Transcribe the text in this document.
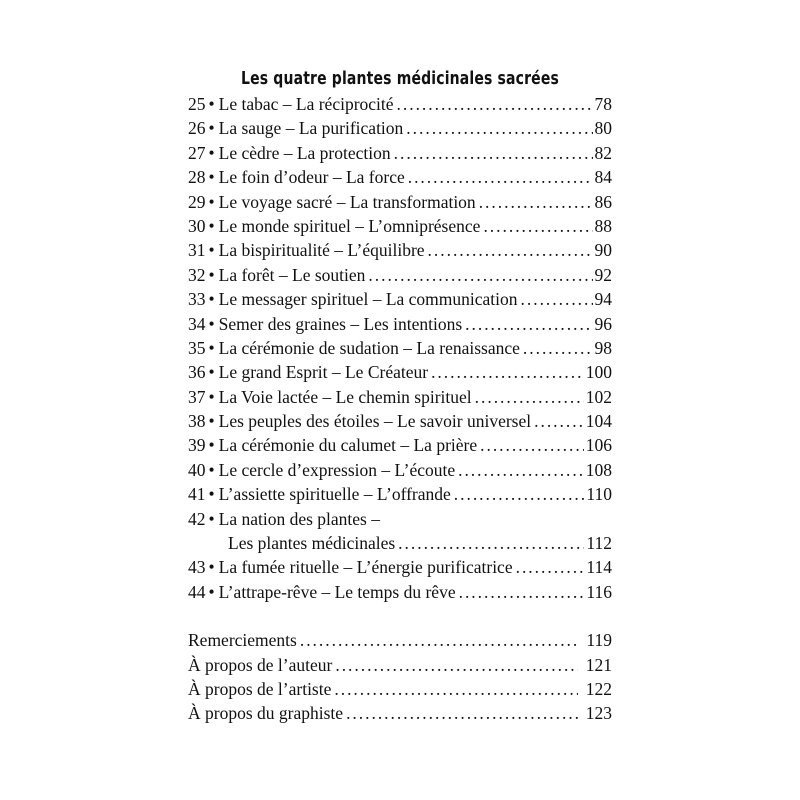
Les quatre plantes médicinales sacrées
25 • Le tabac – La réciprocité . . .	78
26 • La sauge – La purification . . .	80
27 • Le cèdre – La protection . . .	82
28 • Le foin d’odeur – La force . . .	84
29 • Le voyage sacré – La transformation . . .	86
30 • Le monde spirituel – L’omniprésence . . .	88
31 • La bispiritualité – L’équilibre . . .	90
32 • La forêt – Le soutien . . .	92
33 • Le messager spirituel – La communication . . .	94
34 • Semer des graines – Les intentions . . .	96
35 • La cérémonie de sudation – La renaissance . . .	98
36 • Le grand Esprit – Le Créateur . . .	100
37 • La Voie lactée – Le chemin spirituel . . .	102
38 • Les peuples des étoiles – Le savoir universel . . .	104
39 • La cérémonie du calumet – La prière . . .	106
40 • Le cercle d’expression – L’écoute . . .	108
41 • L’assiette spirituelle – L’offrande . . .	110
42 • La nation des plantes –
Les plantes médicinales . . .	112
43 • La fumée rituelle – L’énergie purificatrice . . .	114
44 • L’attrape-rêve – Le temps du rêve . . .	116
Remerciements . . .	119
À propos de l’auteur . . .	121
À propos de l’artiste . . .	122
À propos du graphiste . . .	123
